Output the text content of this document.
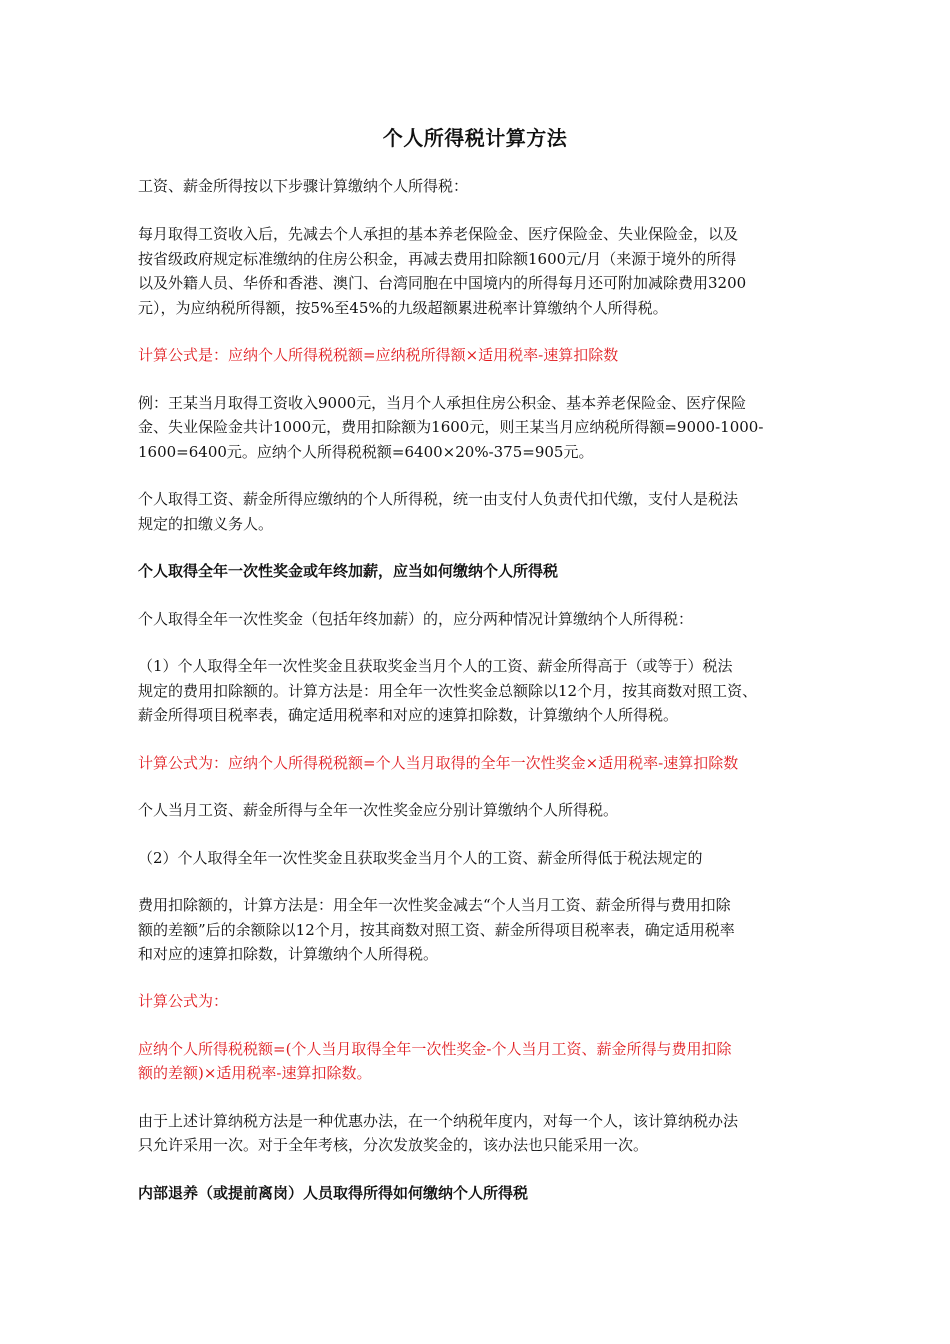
个人所得税计算方法
工资、薪金所得按以下步骤计算缴纳个人所得税：
每月取得工资收入后，先减去个人承担的基本养老保险金、医疗保险金、失业保险金，以及
按省级政府规定标准缴纳的住房公积金，再减去费用扣除额1600元/月（来源于境外的所得
以及外籍人员、华侨和香港、澳门、台湾同胞在中国境内的所得每月还可附加减除费用3200
元），为应纳税所得额，按5%至45%的九级超额累进税率计算缴纳个人所得税。
计算公式是：应纳个人所得税税额=应纳税所得额×适用税率-速算扣除数
例：王某当月取得工资收入9000元，当月个人承担住房公积金、基本养老保险金、医疗保险
金、失业保险金共计1000元，费用扣除额为1600元，则王某当月应纳税所得额=9000-1000-
1600=6400元。应纳个人所得税税额=6400×20%-375=905元。
个人取得工资、薪金所得应缴纳的个人所得税，统一由支付人负责代扣代缴，支付人是税法
规定的扣缴义务人。
个人取得全年一次性奖金或年终加薪，应当如何缴纳个人所得税
个人取得全年一次性奖金（包括年终加薪）的，应分两种情况计算缴纳个人所得税：
（1）个人取得全年一次性奖金且获取奖金当月个人的工资、薪金所得高于（或等于）税法
规定的费用扣除额的。计算方法是：用全年一次性奖金总额除以12个月，按其商数对照工资、
薪金所得项目税率表，确定适用税率和对应的速算扣除数，计算缴纳个人所得税。
计算公式为：应纳个人所得税税额=个人当月取得的全年一次性奖金×适用税率-速算扣除数
个人当月工资、薪金所得与全年一次性奖金应分别计算缴纳个人所得税。
（2）个人取得全年一次性奖金且获取奖金当月个人的工资、薪金所得低于税法规定的
费用扣除额的，计算方法是：用全年一次性奖金减去“个人当月工资、薪金所得与费用扣除
额的差额”后的余额除以12个月，按其商数对照工资、薪金所得项目税率表，确定适用税率
和对应的速算扣除数，计算缴纳个人所得税。
计算公式为：
应纳个人所得税税额=(个人当月取得全年一次性奖金-个人当月工资、薪金所得与费用扣除
额的差额)×适用税率-速算扣除数。
由于上述计算纳税方法是一种优惠办法，在一个纳税年度内，对每一个人，该计算纳税办法
只允许采用一次。对于全年考核，分次发放奖金的，该办法也只能采用一次。
内部退养（或提前离岗）人员取得所得如何缴纳个人所得税
